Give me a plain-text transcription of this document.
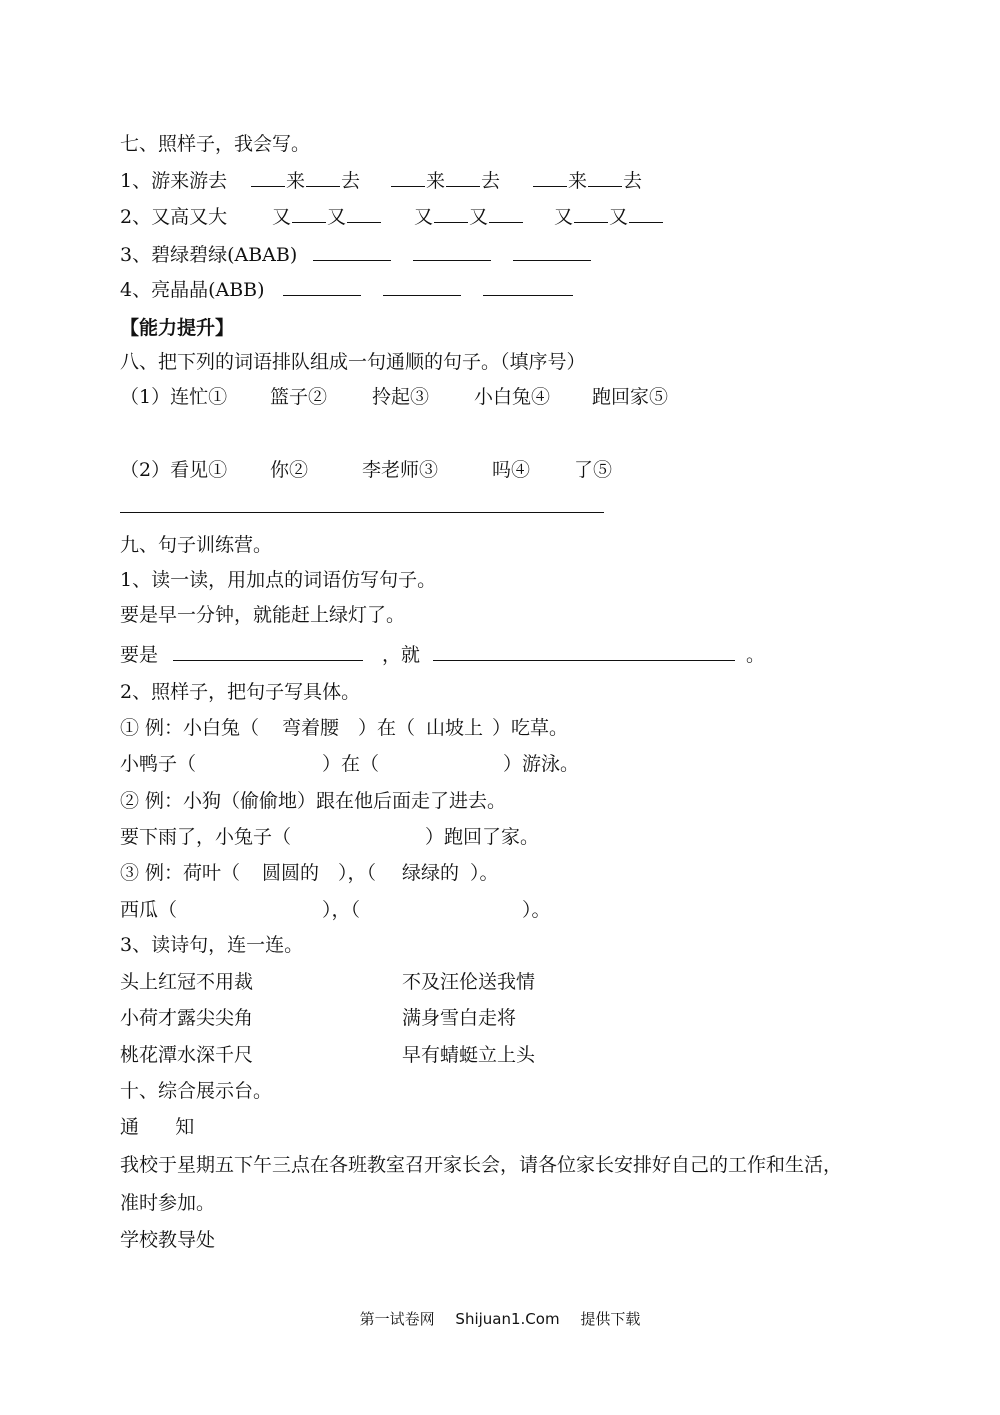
七、照样子，我会写。
1、游来游去	来 去	来 去	来 去
2、又高又大 又 又	又 又	又 又
3、碧绿碧绿(ABAB)
4、亮晶晶(ABB)
【能力提升】
八、把下列的词语排队组成一句通顺的句子。（填序号）
（1）连忙① 篮子② 拎起③ 小白兔④ 跑回家⑤
（2）看见① 你②	李老师③	吗④ 了⑤
九、句子训练营。
1、读一读，用加点的词语仿写句子。
要是早一分钟，就能赶上绿灯了。
要是	，就	。
2、照样子，把句子写具体。
① 例：小白兔（ 弯着腰 ）在（ 山坡上 ）吃草。
小鸭子（	）在（	）游泳。
② 例：小狗（偷偷地）跟在他后面走了进去。
要下雨了，小兔子（	）跑回了家。
③ 例：荷叶（ 圆圆的 ），（ 绿绿的 ）。
西瓜（	），（	）。
3、读诗句，连一连。
头上红冠不用裁	不及汪伦送我情
小荷才露尖尖角	满身雪白走将
桃花潭水深千尺	早有蜻蜓立上头
十、综合展示台。
通      知
我校于星期五下午三点在各班教室召开家长会，请各位家长安排好自己的工作和生活，
准时参加。
学校教导处
第一试卷网 Shijuan1.Com 提供下载
